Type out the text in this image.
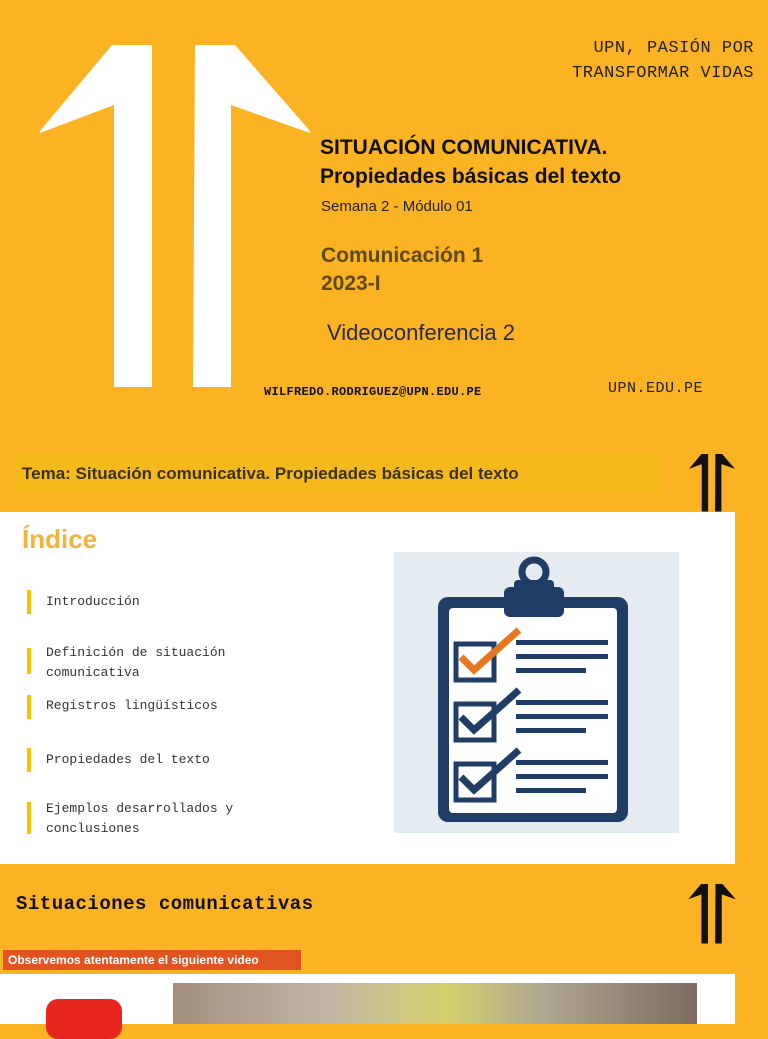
UPN, PASIÓN POR
TRANSFORMAR VIDAS
SITUACIÓN COMUNICATIVA.
Propiedades básicas del texto
Semana 2 - Módulo 01
Comunicación 1
2023-I
Videoconferencia 2
WILFREDO.RODRIGUEZ@UPN.EDU.PE	UPN.EDU.PE
Tema: Situación comunicativa. Propiedades básicas del texto
Índice
Introducción
Definición de situación
comunicativa
Registros lingüísticos
Propiedades del texto
Ejemplos desarrollados y
conclusiones
Situaciones comunicativas
Observemos atentamente el siguiente video
